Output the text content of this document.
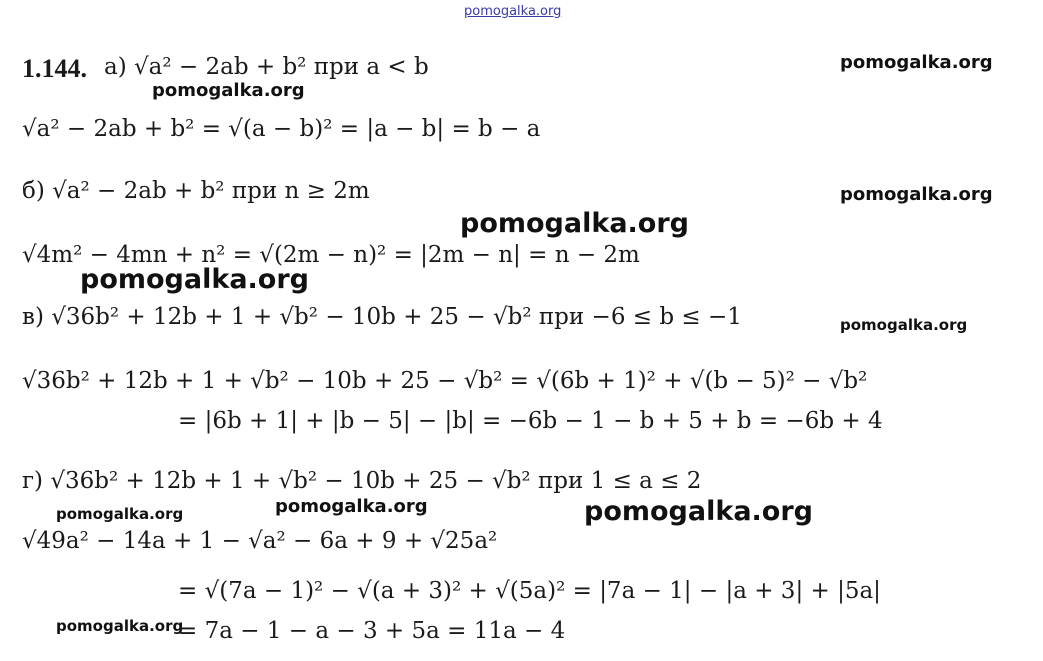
pomogalka.org
1.144. а) √a² − 2ab + b² при a < b	pomogalka.org
pomogalka.org
√a² − 2ab + b² = √(a − b)² = |a − b| = b − a
б) √a² − 2ab + b² при n ≥ 2m	pomogalka.org
pomogalka.org
√4m² − 4mn + n² = √(2m − n)² = |2m − n| = n − 2m
pomogalka.org
в) √36b² + 12b + 1 + √b² − 10b + 25 − √b² при −6 ≤ b ≤ −1	pomogalka.org
√36b² + 12b + 1 + √b² − 10b + 25 − √b² = √(6b + 1)² + √(b − 5)² − √b²
= |6b + 1| + |b − 5| − |b| = −6b − 1 − b + 5 + b = −6b + 4
г) √36b² + 12b + 1 + √b² − 10b + 25 − √b² при 1 ≤ a ≤ 2
pomogalka.org	pomogalka.org	pomogalka.org
√49a² − 14a + 1 − √a² − 6a + 9 + √25a²
= √(7a − 1)² − √(a + 3)² + √(5a)² = |7a − 1| − |a + 3| + |5a|
pomogalka.org
= 7a − 1 − a − 3 + 5a = 11a − 4
